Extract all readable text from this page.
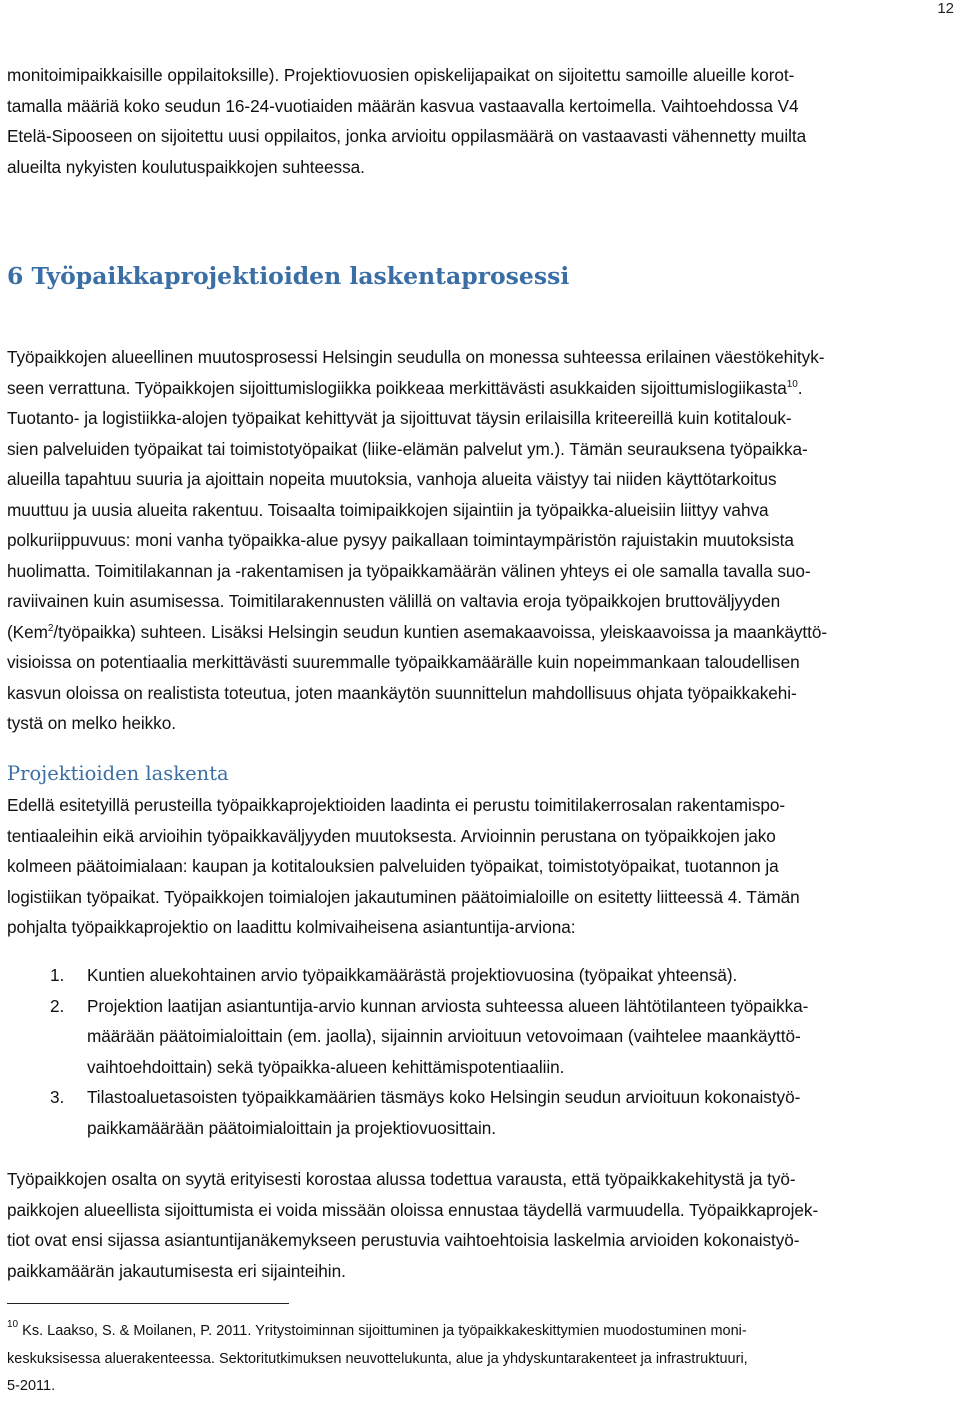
12
monitoimipaikkaisille oppilaitoksille). Projektiovuosien opiskelijapaikat on sijoitettu samoille alueille korot-
tamalla määriä koko seudun 16-24-vuotiaiden määrän kasvua vastaavalla kertoimella. Vaihtoehdossa V4
Etelä-Sipooseen on sijoitettu uusi oppilaitos, jonka arvioitu oppilasmäärä on vastaavasti vähennetty muilta
alueilta nykyisten koulutuspaikkojen suhteessa.
6 Työpaikkaprojektioiden laskentaprosessi
Työpaikkojen alueellinen muutosprosessi Helsingin seudulla on monessa suhteessa erilainen väestökehityk-
seen verrattuna. Työpaikkojen sijoittumislogiikka poikkeaa merkittävästi asukkaiden sijoittumislogiikasta$^{10}$.
Tuotanto- ja logistiikka-alojen työpaikat kehittyvät ja sijoittuvat täysin erilaisilla kriteereillä kuin kotitalouk-
sien palveluiden työpaikat tai toimistotyöpaikat (liike-elämän palvelut ym.). Tämän seurauksena työpaikka-
alueilla tapahtuu suuria ja ajoittain nopeita muutoksia, vanhoja alueita väistyy tai niiden käyttötarkoitus
muuttuu ja uusia alueita rakentuu. Toisaalta toimipaikkojen sijaintiin ja työpaikka-alueisiin liittyy vahva
polkuriippuvuus: moni vanha työpaikka-alue pysyy paikallaan toimintaympäristön rajuistakin muutoksista
huolimatta. Toimitilakannan ja -rakentamisen ja työpaikkamäärän välinen yhteys ei ole samalla tavalla suo-
raviivainen kuin asumisessa. Toimitilarakennusten välillä on valtavia eroja työpaikkojen bruttoväljyyden
(Kem$^2$/työpaikka) suhteen. Lisäksi Helsingin seudun kuntien asemakaavoissa, yleiskaavoissa ja maankäyttö-
visioissa on potentiaalia merkittävästi suuremmalle työpaikkamäärälle kuin nopeimmankaan taloudellisen
kasvun oloissa on realistista toteutua, joten maankäytön suunnittelun mahdollisuus ohjata työpaikkakehi-
tystä on melko heikko.
Projektioiden laskenta
Edellä esitetyillä perusteilla työpaikkaprojektioiden laadinta ei perustu toimitilakerrosalan rakentamispo-
tentiaaleihin eikä arvioihin työpaikkaväljyyden muutoksesta. Arvioinnin perustana on työpaikkojen jako
kolmeen päätoimialaan: kaupan ja kotitalouksien palveluiden työpaikat, toimistotyöpaikat, tuotannon ja
logistiikan työpaikat. Työpaikkojen toimialojen jakautuminen päätoimialoille on esitetty liitteessä 4. Tämän
pohjalta työpaikkaprojektio on laadittu kolmivaiheisena asiantuntija-arviona:
1. Kuntien aluekohtainen arvio työpaikkamäärästä projektiovuosina (työpaikat yhteensä).
2. Projektion laatijan asiantuntija-arvio kunnan arviosta suhteessa alueen lähtötilanteen työpaikka-
määrään päätoimialoittain (em. jaolla), sijainnin arvioituun vetovoimaan (vaihtelee maankäyttö-
vaihtoehdoittain) sekä työpaikka-alueen kehittämispotentiaaliin.
3. Tilastoaluetasoisten työpaikkamäärien täsmäys koko Helsingin seudun arvioituun kokonaistyö-
paikkamäärään päätoimialoittain ja projektiovuosittain.
Työpaikkojen osalta on syytä erityisesti korostaa alussa todettua varausta, että työpaikkakehitystä ja työ-
paikkojen alueellista sijoittumista ei voida missään oloissa ennustaa täydellä varmuudella. Työpaikkaprojek-
tiot ovat ensi sijassa asiantuntijanäkemykseen perustuvia vaihtoehtoisia laskelmia arvioiden kokonaistyö-
paikkamäärän jakautumisesta eri sijainteihin.
$^{10}$ Ks. Laakso, S. & Moilanen, P. 2011. Yritystoiminnan sijoittuminen ja työpaikkakeskittymien muodostuminen moni-
keskuksisessa aluerakenteessa. Sektoritutkimuksen neuvottelukunta, alue ja yhdyskuntarakenteet ja infrastruktuuri,
5-2011.
